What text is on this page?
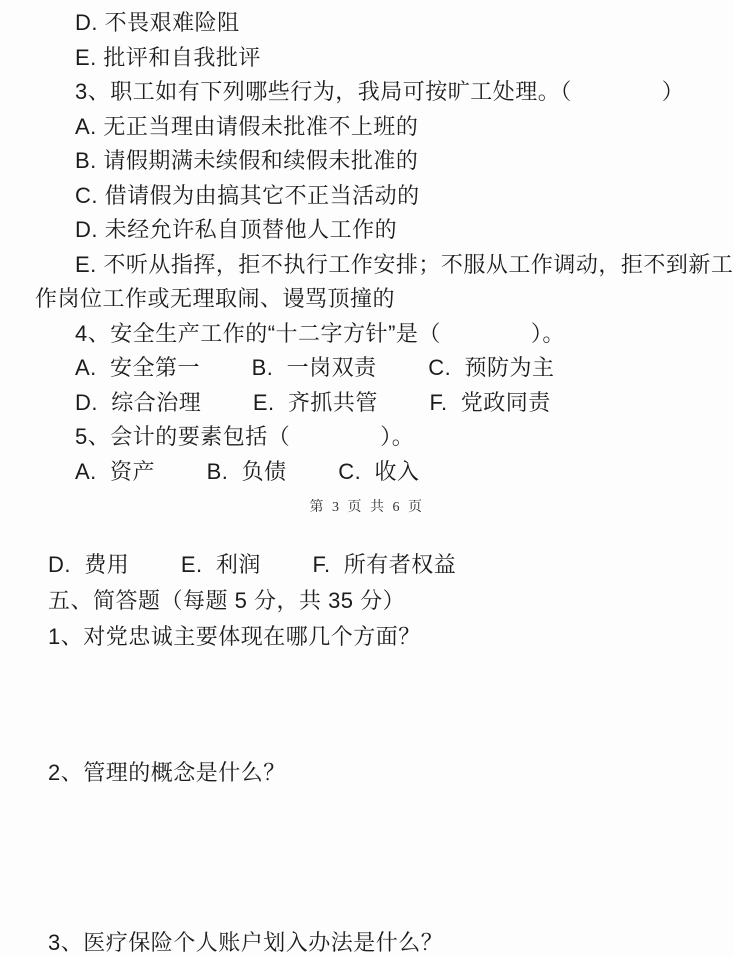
D. 不畏艰难险阻
E. 批评和自我批评
3、职工如有下列哪些行为，我局可按旷工处理。（　　　　）
A. 无正当理由请假未批准不上班的
B. 请假期满未续假和续假未批准的
C. 借请假为由搞其它不正当活动的
D. 未经允许私自顶替他人工作的
E. 不听从指挥，拒不执行工作安排；不服从工作调动，拒不到新工
作岗位工作或无理取闹、谩骂顶撞的
4、安全生产工作的“十二字方针”是（　　　　）。
A.  安全第一　　 B.  一岗双责　　 C.  预防为主
D.  综合治理　　 E.  齐抓共管　　 F.  党政同责
5、会计的要素包括（　　　　）。
A.  资产　　 B.  负债　　 C.  收入
第 3 页 共 6 页
D.  费用　　 E.  利润　　 F.  所有者权益
五、简答题（每题 5 分，共 35 分）
1、对党忠诚主要体现在哪几个方面？
2、管理的概念是什么？
3、医疗保险个人账户划入办法是什么？
